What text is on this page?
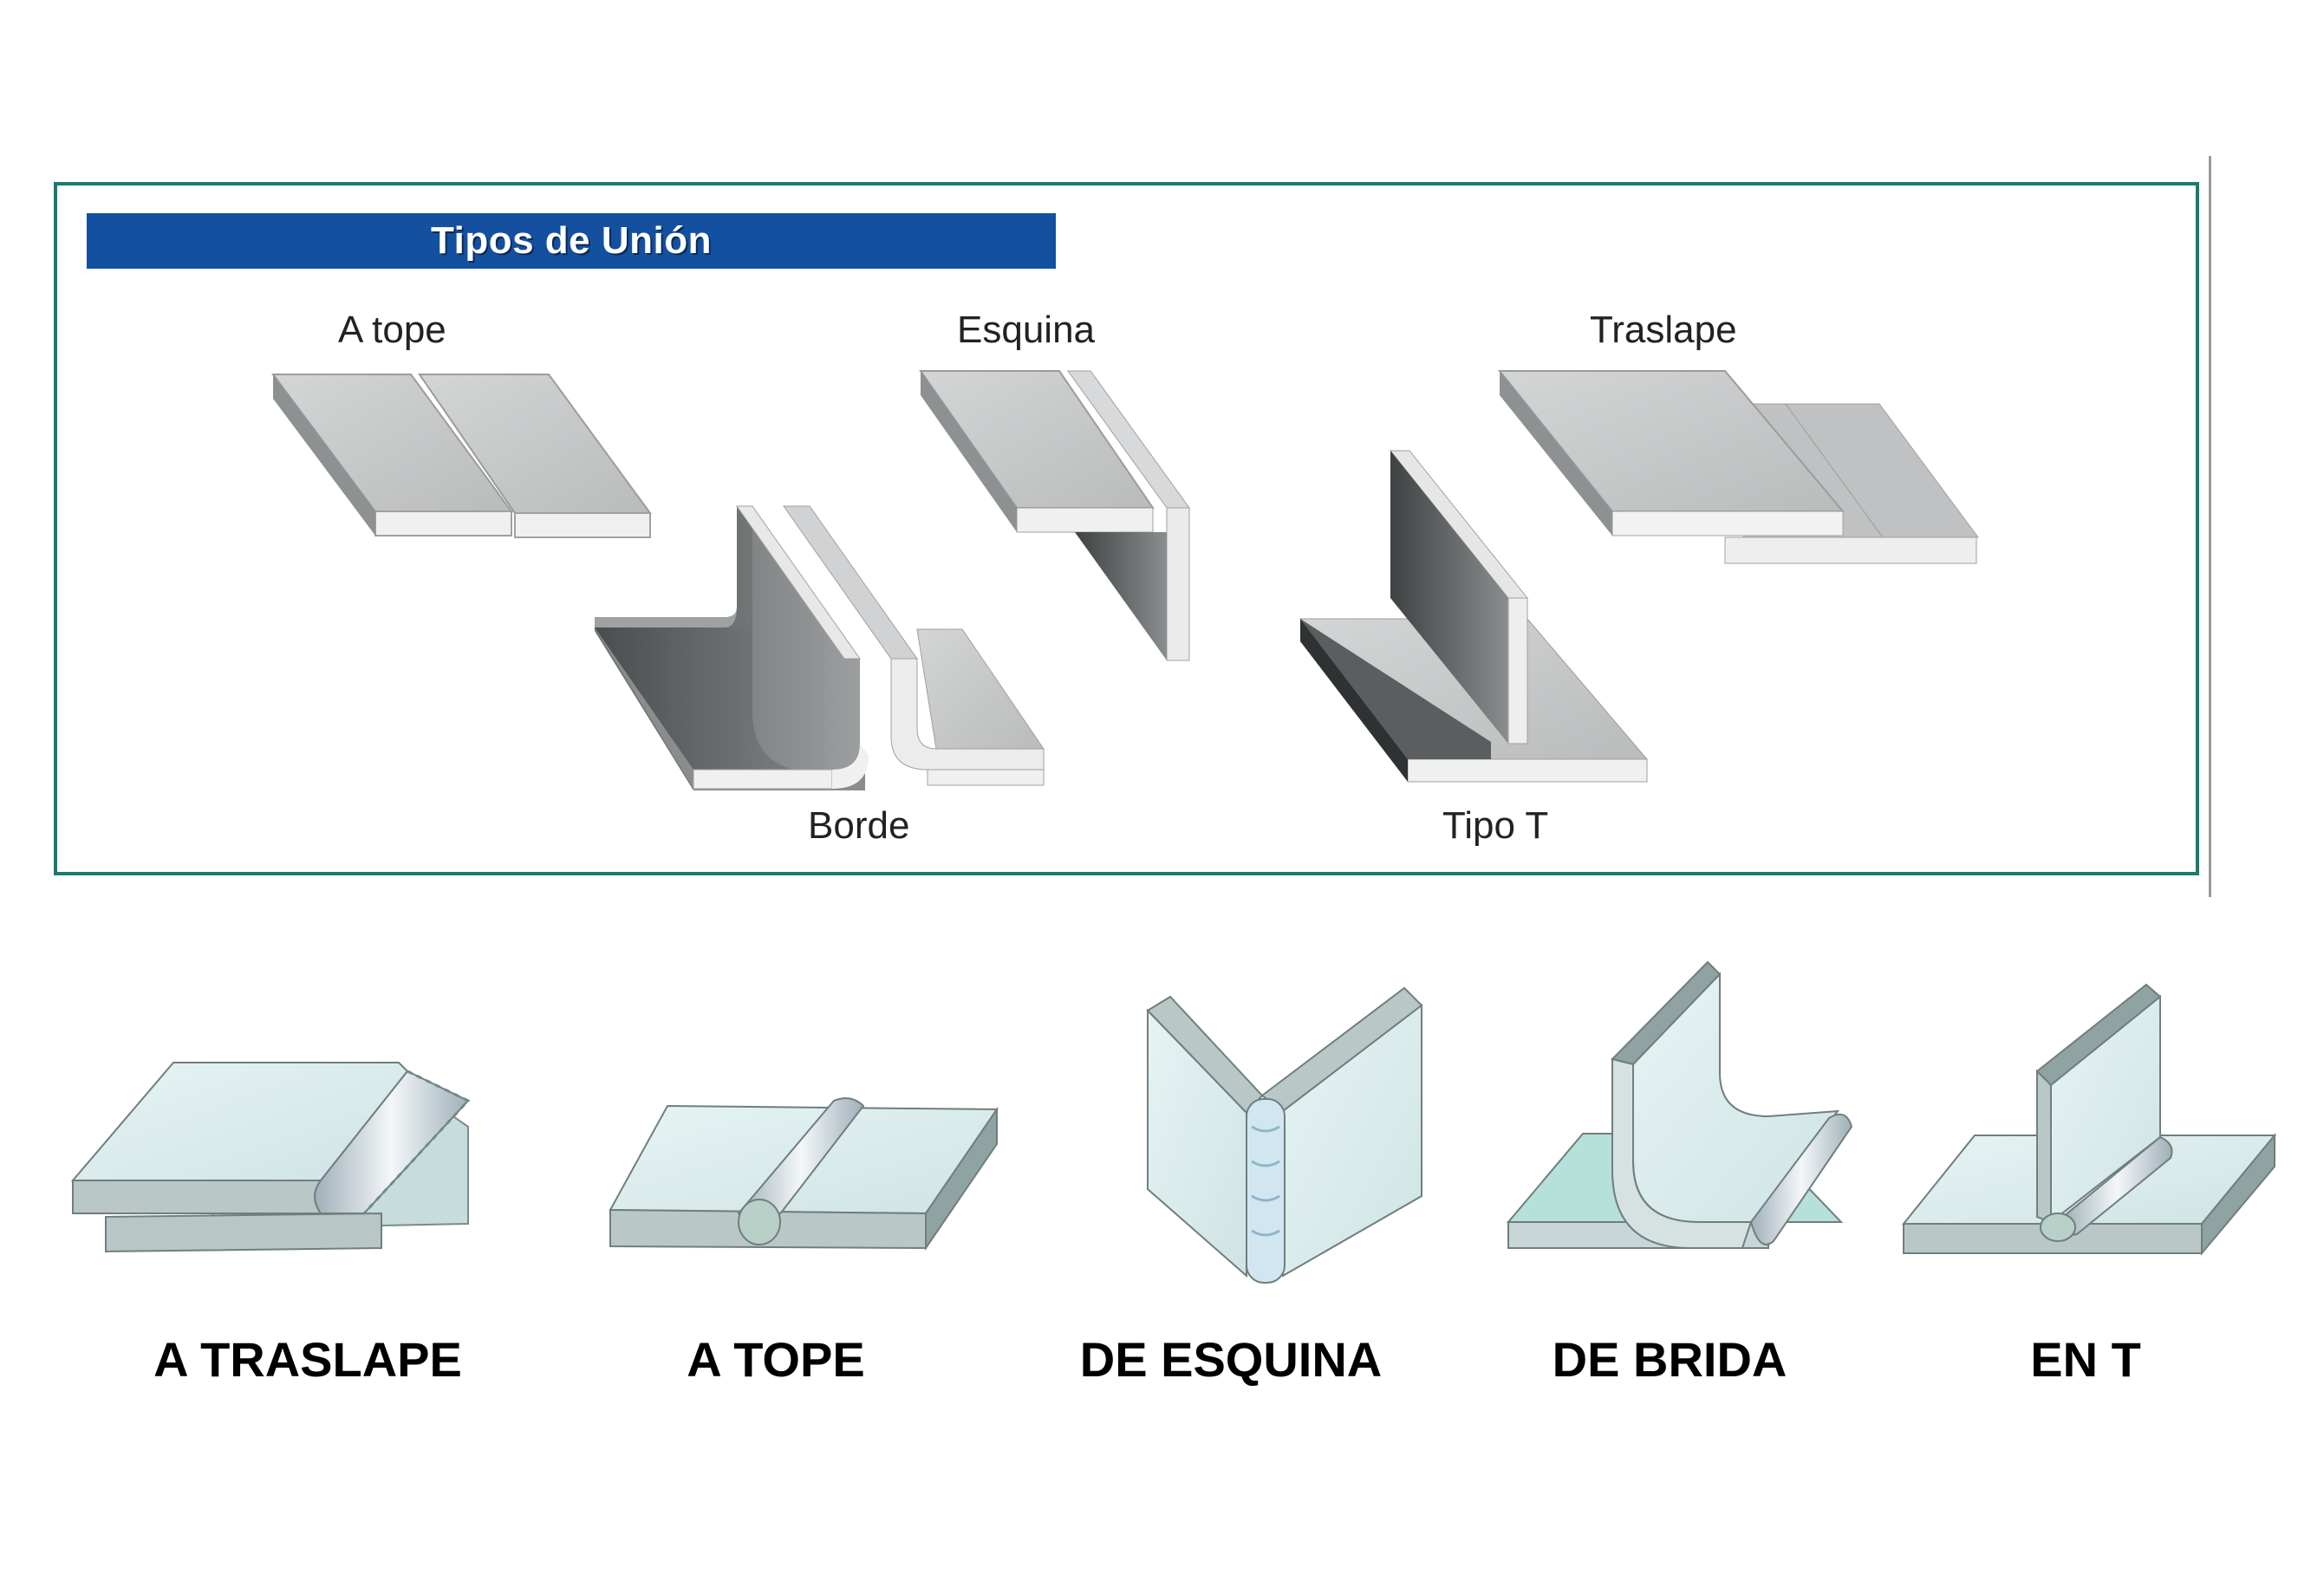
Tipos de Unión
A tope	Esquina	Traslape
Borde	Tipo T
A TRASLAPE	A TOPE	DE ESQUINA	DE BRIDA	EN T
